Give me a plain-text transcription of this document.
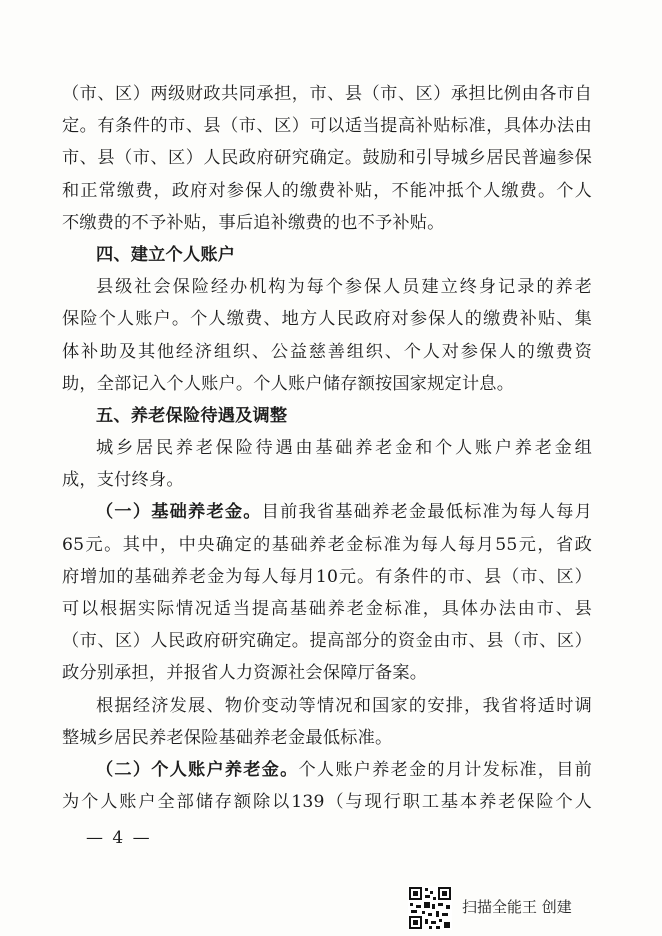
（市、区）两级财政共同承担，市、县（市、区）承担比例由各市自
定。有条件的市、县（市、区）可以适当提高补贴标准，具体办法由
市、县（市、区）人民政府研究确定。鼓励和引导城乡居民普遍参保
和正常缴费，政府对参保人的缴费补贴，不能冲抵个人缴费。个人
不缴费的不予补贴，事后追补缴费的也不予补贴。
四、建立个人账户
县级社会保险经办机构为每个参保人员建立终身记录的养老
保险个人账户。个人缴费、地方人民政府对参保人的缴费补贴、集
体补助及其他经济组织、公益慈善组织、个人对参保人的缴费资
助，全部记入个人账户。个人账户储存额按国家规定计息。
五、养老保险待遇及调整
城乡居民养老保险待遇由基础养老金和个人账户养老金组
成，支付终身。
（一）基础养老金。目前我省基础养老金最低标准为每人每月
65元。其中，中央确定的基础养老金标准为每人每月55元，省政
府增加的基础养老金为每人每月10元。有条件的市、县（市、区）
可以根据实际情况适当提高基础养老金标准，具体办法由市、县
（市、区）人民政府研究确定。提高部分的资金由市、县（市、区）
政分别承担，并报省人力资源社会保障厅备案。
根据经济发展、物价变动等情况和国家的安排，我省将适时调
整城乡居民养老保险基础养老金最低标准。
（二）个人账户养老金。个人账户养老金的月计发标准，目前
为个人账户全部储存额除以139（与现行职工基本养老保险个人
— 4 —
扫描全能王 创建
